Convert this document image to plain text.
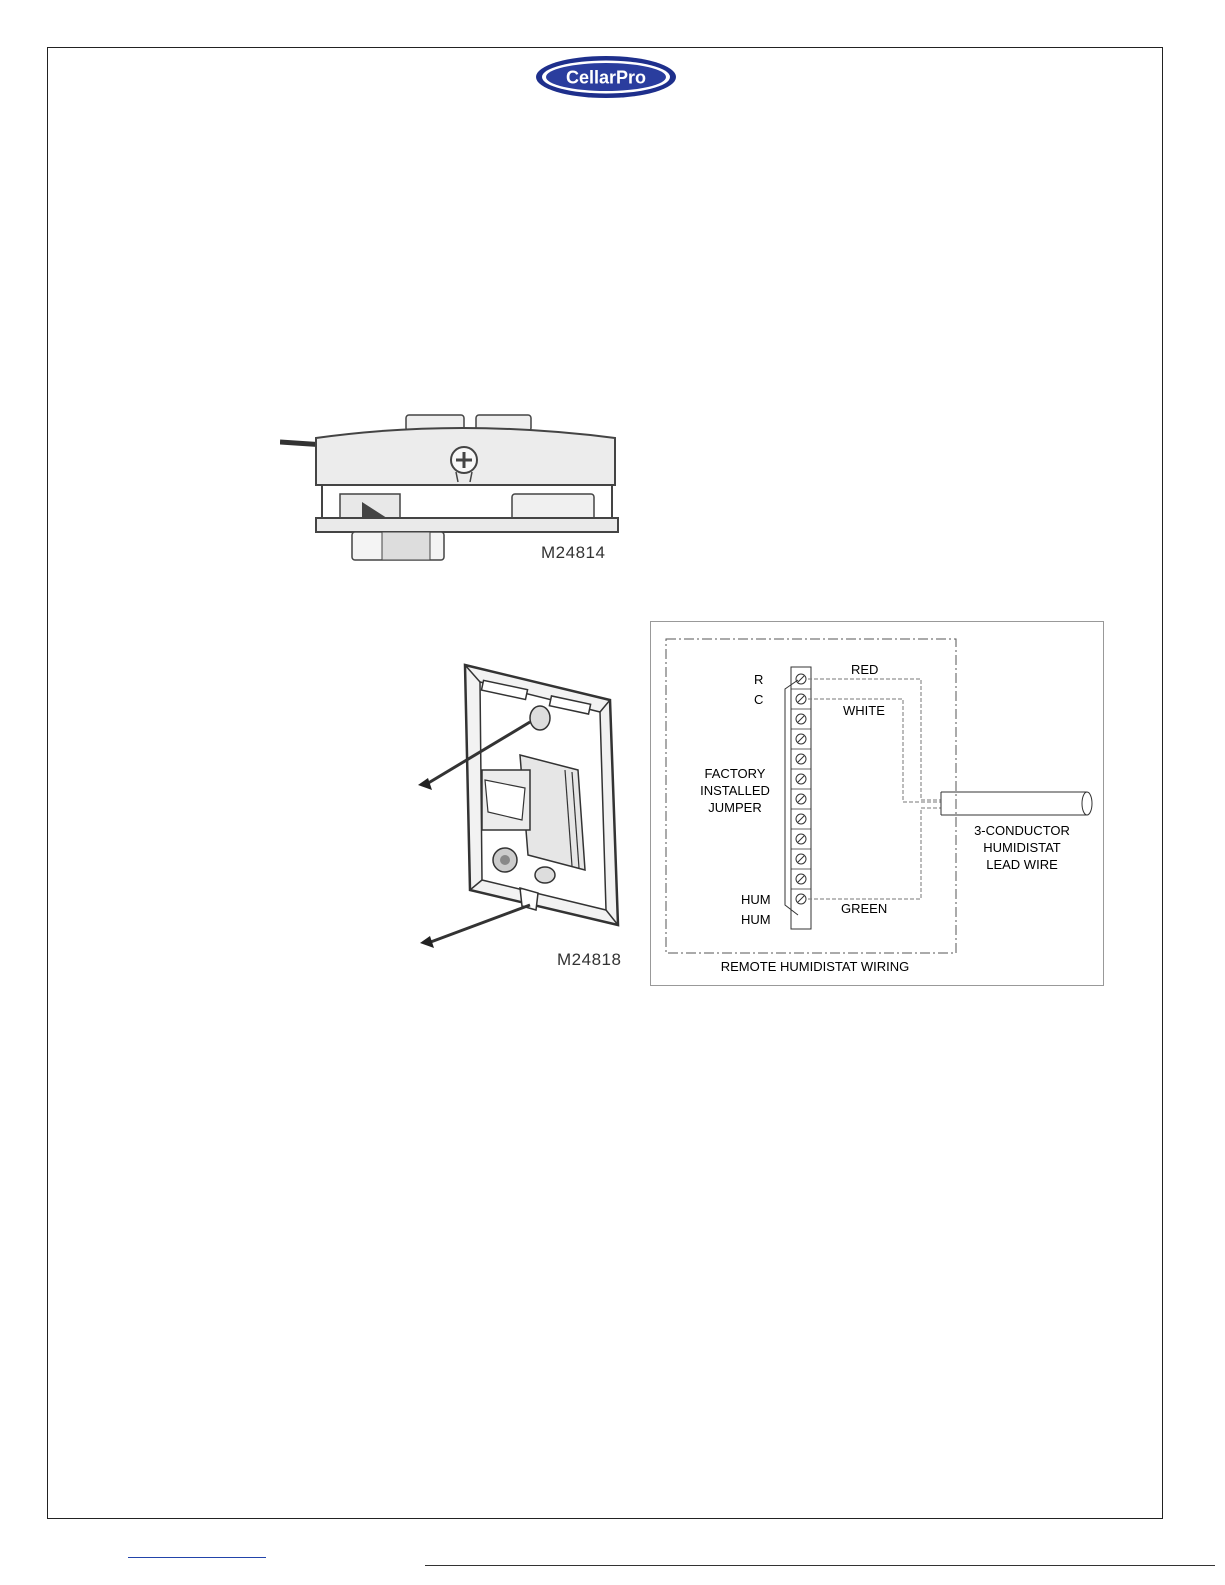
CellarPro
M24814
M24818
R
C
RED
WHITE
FACTORY
INSTALLED
JUMPER
3-CONDUCTOR
HUMIDISTAT
LEAD WIRE
HUM
HUM
GREEN
REMOTE HUMIDISTAT WIRING
